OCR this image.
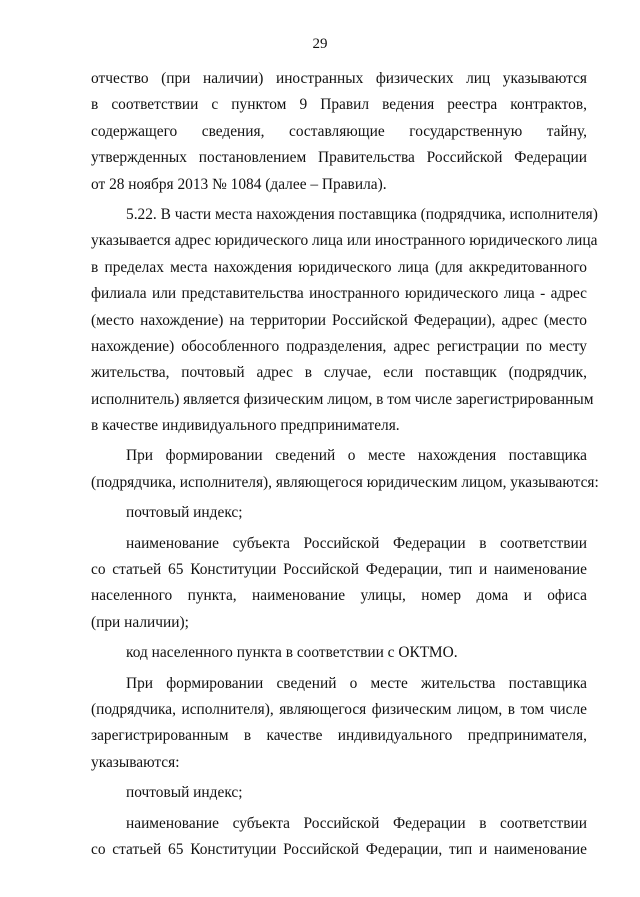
29
отчество (при наличии) иностранных физических лиц указываются
в соответствии с пунктом 9 Правил ведения реестра контрактов,
содержащего сведения, составляющие государственную тайну,
утвержденных постановлением Правительства Российской Федерации
от 28 ноября 2013 № 1084 (далее – Правила).
5.22. В части места нахождения поставщика (подрядчика, исполнителя)
указывается адрес юридического лица или иностранного юридического лица
в пределах места нахождения юридического лица (для аккредитованного
филиала или представительства иностранного юридического лица - адрес
(место нахождение) на территории Российской Федерации), адрес (место
нахождение) обособленного подразделения, адрес регистрации по месту
жительства, почтовый адрес в случае, если поставщик (подрядчик,
исполнитель) является физическим лицом, в том числе зарегистрированным
в качестве индивидуального предпринимателя.
При формировании сведений о месте нахождения поставщика
(подрядчика, исполнителя), являющегося юридическим лицом, указываются:
почтовый индекс;
наименование субъекта Российской Федерации в соответствии
со статьей 65 Конституции Российской Федерации, тип и наименование
населенного пункта, наименование улицы, номер дома и офиса
(при наличии);
код населенного пункта в соответствии с ОКТМО.
При формировании сведений о месте жительства поставщика
(подрядчика, исполнителя), являющегося физическим лицом, в том числе
зарегистрированным в качестве индивидуального предпринимателя,
указываются:
почтовый индекс;
наименование субъекта Российской Федерации в соответствии
со статьей 65 Конституции Российской Федерации, тип и наименование
